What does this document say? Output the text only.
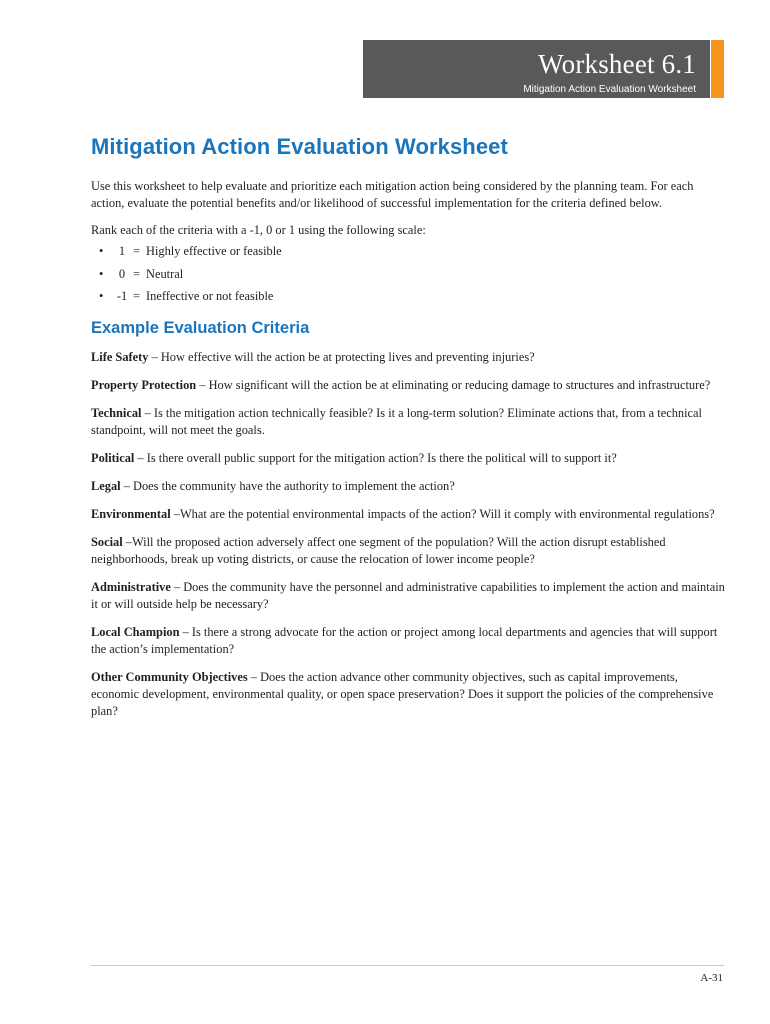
Worksheet 6.1
Mitigation Action Evaluation Worksheet
Mitigation Action Evaluation Worksheet

Use this worksheet to help evaluate and prioritize each mitigation action being considered by the planning team. For each action, evaluate the potential benefits and/or likelihood of successful implementation for the criteria defined below.

Rank each of the criteria with a -1, 0 or 1 using the following scale:

•	1 = Highly effective or feasible
•	0 = Neutral
•	-1 = Ineffective or not feasible
Example Evaluation Criteria
Life Safety – How effective will the action be at protecting lives and preventing injuries?
Property Protection – How significant will the action be at eliminating or reducing damage to structures and infrastructure?
Technical – Is the mitigation action technically feasible? Is it a long-term solution? Eliminate actions that, from a technical standpoint, will not meet the goals.
Political – Is there overall public support for the mitigation action? Is there the political will to support it?
Legal – Does the community have the authority to implement the action?
Environmental –What are the potential environmental impacts of the action? Will it comply with environmental regulations?
Social –Will the proposed action adversely affect one segment of the population? Will the action disrupt established neighborhoods, break up voting districts, or cause the relocation of lower income people?
Administrative – Does the community have the personnel and administrative capabilities to implement the action and maintain it or will outside help be necessary?
Local Champion – Is there a strong advocate for the action or project among local departments and agencies that will support the action’s implementation?
Other Community Objectives – Does the action advance other community objectives, such as capital improvements, economic development, environmental quality, or open space preservation? Does it support the policies of the comprehensive plan?
A-31
